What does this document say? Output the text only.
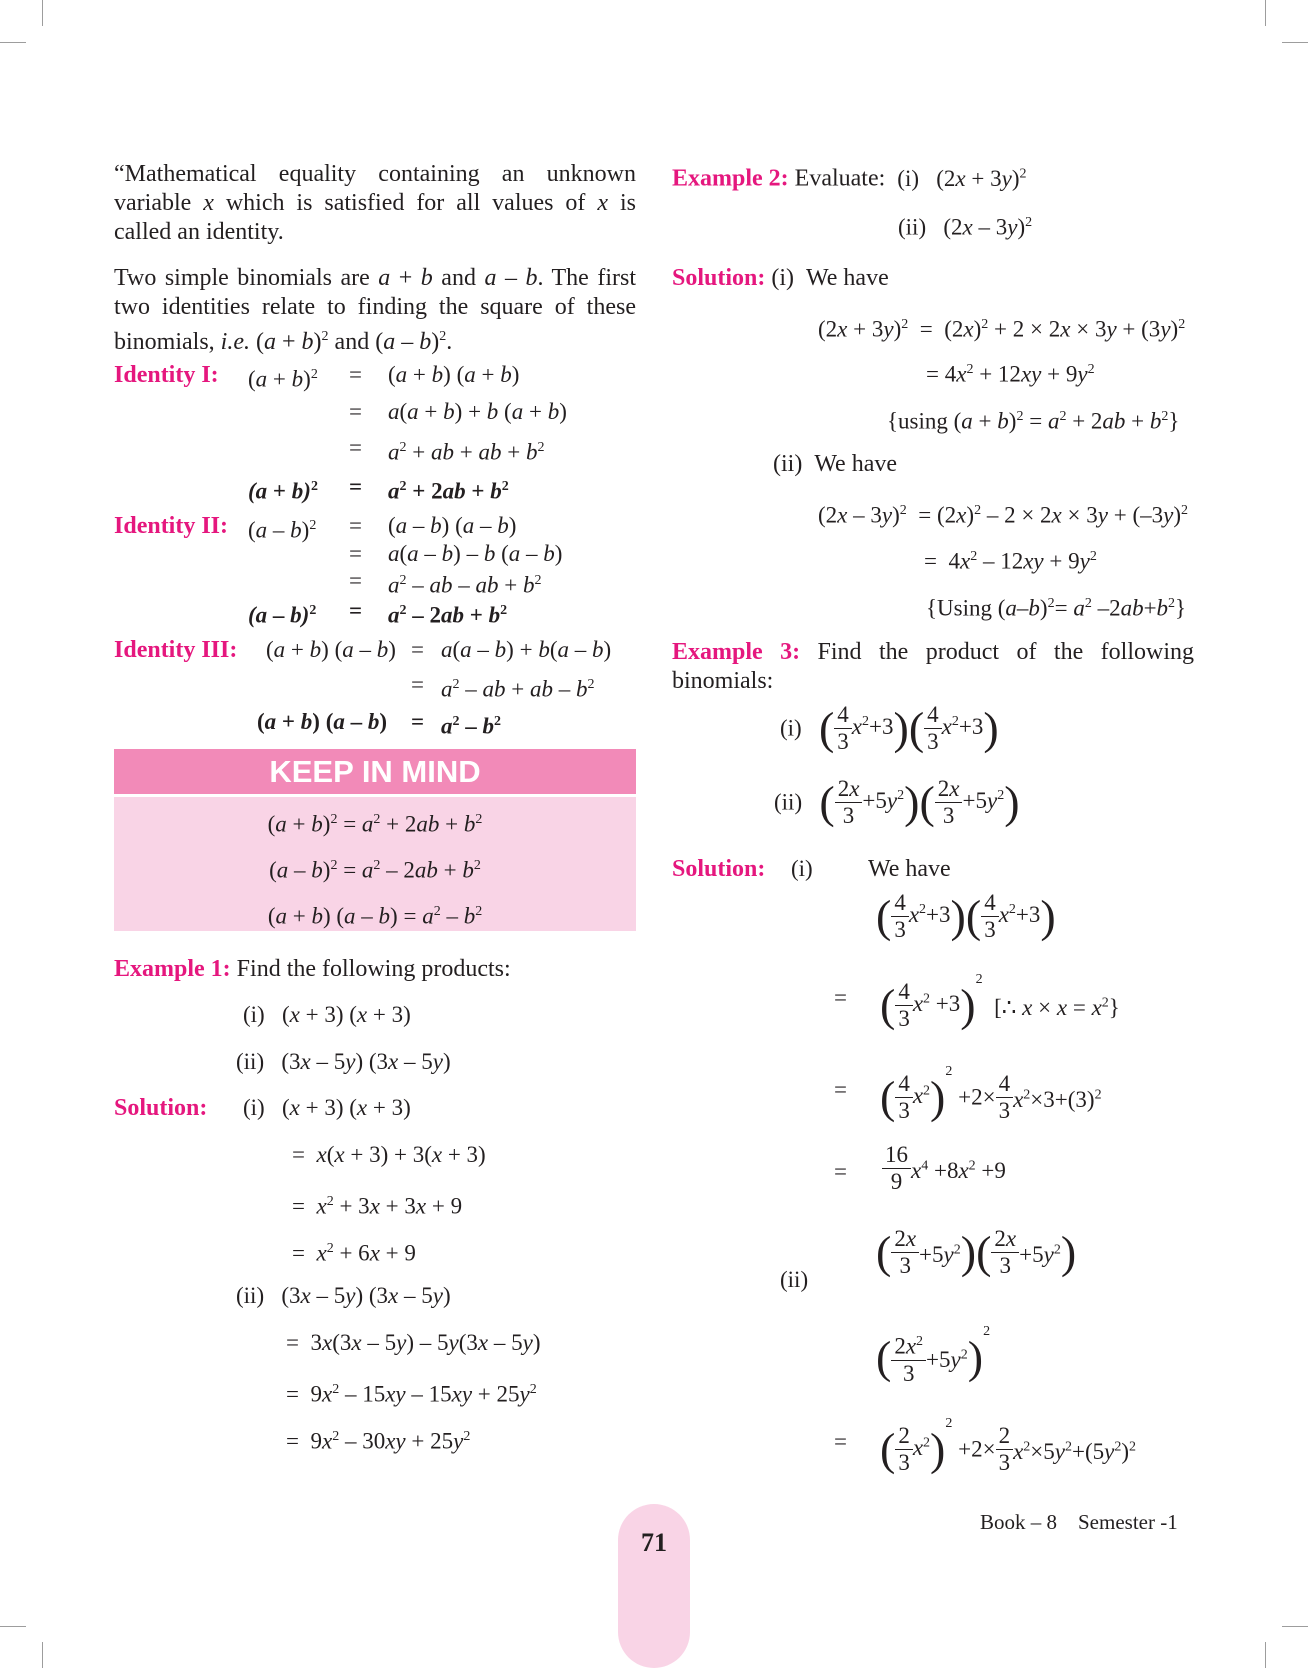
“Mathematical equality containing an unknown variable x which is satisfied for all values of x is called an identity.
Two simple binomials are a + b and a – b. The first two identities relate to finding the square of these binomials, i.e. $(a + b)^2$ and (a – b)$^2$.
Identity I: $(a + b)^2 = (a + b)$ (a + b)
= a(a + b) + b (a + b)
= $a^2$ + ab + ab + $b^2$
$(a + b)^2 = a^2 + 2ab + b^2$
Identity II: (a – b)$^2$ = (a – b) (a – b)
= a(a – b) – b (a – b)
= $a^2$ – ab – ab + $b^2$
$(a - b)^2 = a^2 - 2ab + b^2$
Identity III: (a + b) (a – b) = a(a – b) + b(a – b)
= $a^2$ – ab + ab – $b^2$
(a + b) $(a - b) = a^2 - b^2$
KEEP IN MIND
$(a + b)^2 = a^2 + 2ab + b^2$
$(a - b)^2 = a^2 - 2ab + b^2$
(a + b) $(a - b) = a^2 - b^2$
Example 1: Find the following products:
(i)   (x + 3) (x + 3)
(ii)   (3x – 5y) (3x – 5y)
Solution: (i)   (x + 3) (x + 3)
=  x(x + 3) + 3(x + 3)
=  $x^2 + 3x + 3x + 9$
=  $x^2 + 6x + 9$
(ii)   (3x – 5y) (3x – 5y)
=  3x(3x – 5y) – 5y(3x – 5y)
=  $9x^2 - 15xy - 15xy + 25y^2$
=  $9x^2 - 30xy + 25y^2$
Example 2: Evaluate: (i)   $(2x + 3y)^2$
(ii)   (2x – 3y)$^2$
Solution: (i)  We have
$(2x + 3y)^2 = (2x)^2 + 2 \times 2x \times 3y + (3y)^2$
= $4x^2 + 12xy + 9y^2$
{using $(a + b)^2 = a^2 + 2ab + b^2$}
(ii)  We have
$(2x - 3y)^2 = (2x)^2 - 2 \times 2x \times 3y + (-3y)^2$
=  $4x^2 - 12xy + 9y^2$
{Using $(a-b)^2= a^2$ $-2ab+b^2$}
Example 3: Find the product of the following binomials:
(i) ( $\frac{4}{3} x^2+3)( \frac{4}{3} x^2+3)$
(ii) ( $\frac{2x}{3} +5y^2)( \frac{2x}{3} +5y^2)$
Solution: (i) We have
( $\frac{4}{3} x^2+3)( \frac{4}{3} x^2+3)$
= ( $\frac{4}{3} x^2 +3)^2$  [∴ $x \times x = x^2$}
= ( $\frac{4}{3} x^2)^2 +2\times \frac{4}{3} x^2\times 3+(3)^2$
= $\frac{16}{9} x^4 +8x^2 +9$
(ii)
( $\frac{2x}{3} +5y^2)( \frac{2x}{3} +5y^2)$
( $\frac{2x^2}{3} +5y^2)^2$
= ( $\frac{2}{3} x^2)^2 +2\times \frac{2}{3} x^2\times 5y^2+(5y^2)^2$
Book – 8    Semester -1
71
